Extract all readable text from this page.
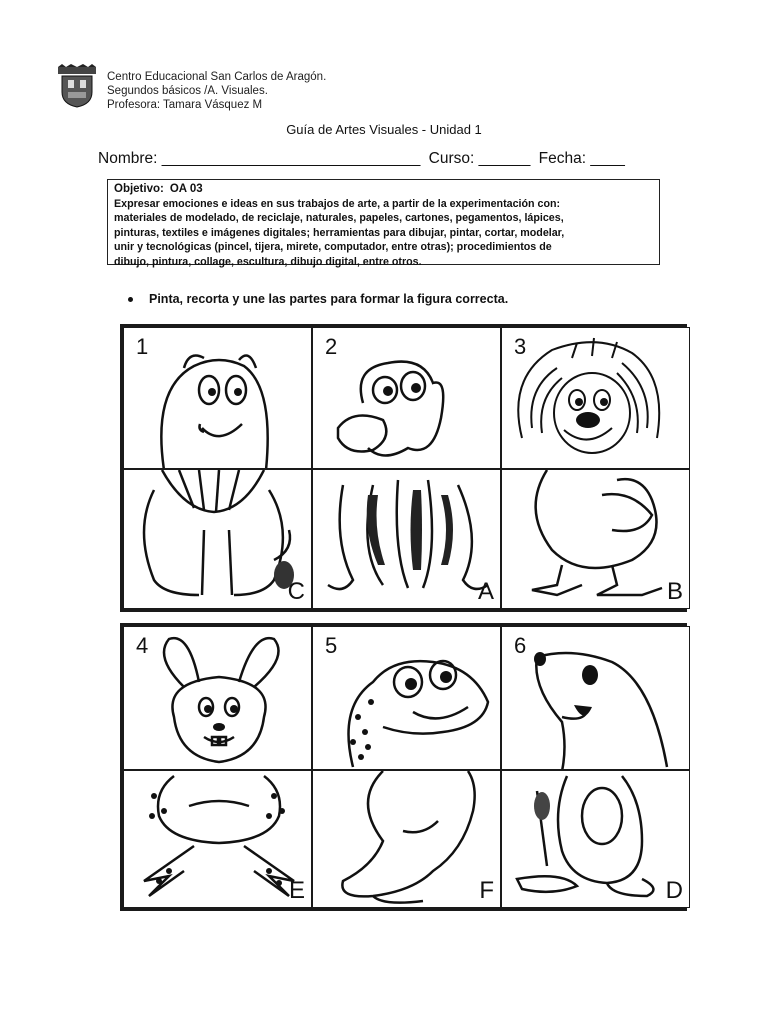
Centro Educacional San Carlos de Aragón.
Segundos básicos /A. Visuales.
Profesora: Tamara Vásquez M
Guía de Artes Visuales - Unidad 1
Nombre: ______________________________ Curso: ______ Fecha: ____
Objetivo: OA 03
Expresar emociones e ideas en sus trabajos de arte, a partir de la experimentación con:
materiales de modelado, de reciclaje, naturales, papeles, cartones, pegamentos, lápices,
pinturas, textiles e imágenes digitales; herramientas para dibujar, pintar, cortar, modelar,
unir y tecnológicas (pincel, tijera, mirete, computador, entre otras); procedimientos de
dibujo, pintura, collage, escultura, dibujo digital, entre otros.
Pinta, recorta y une las partes para formar la figura correcta.
1	2	3
C	A	B
4	5	6
E	F	D
